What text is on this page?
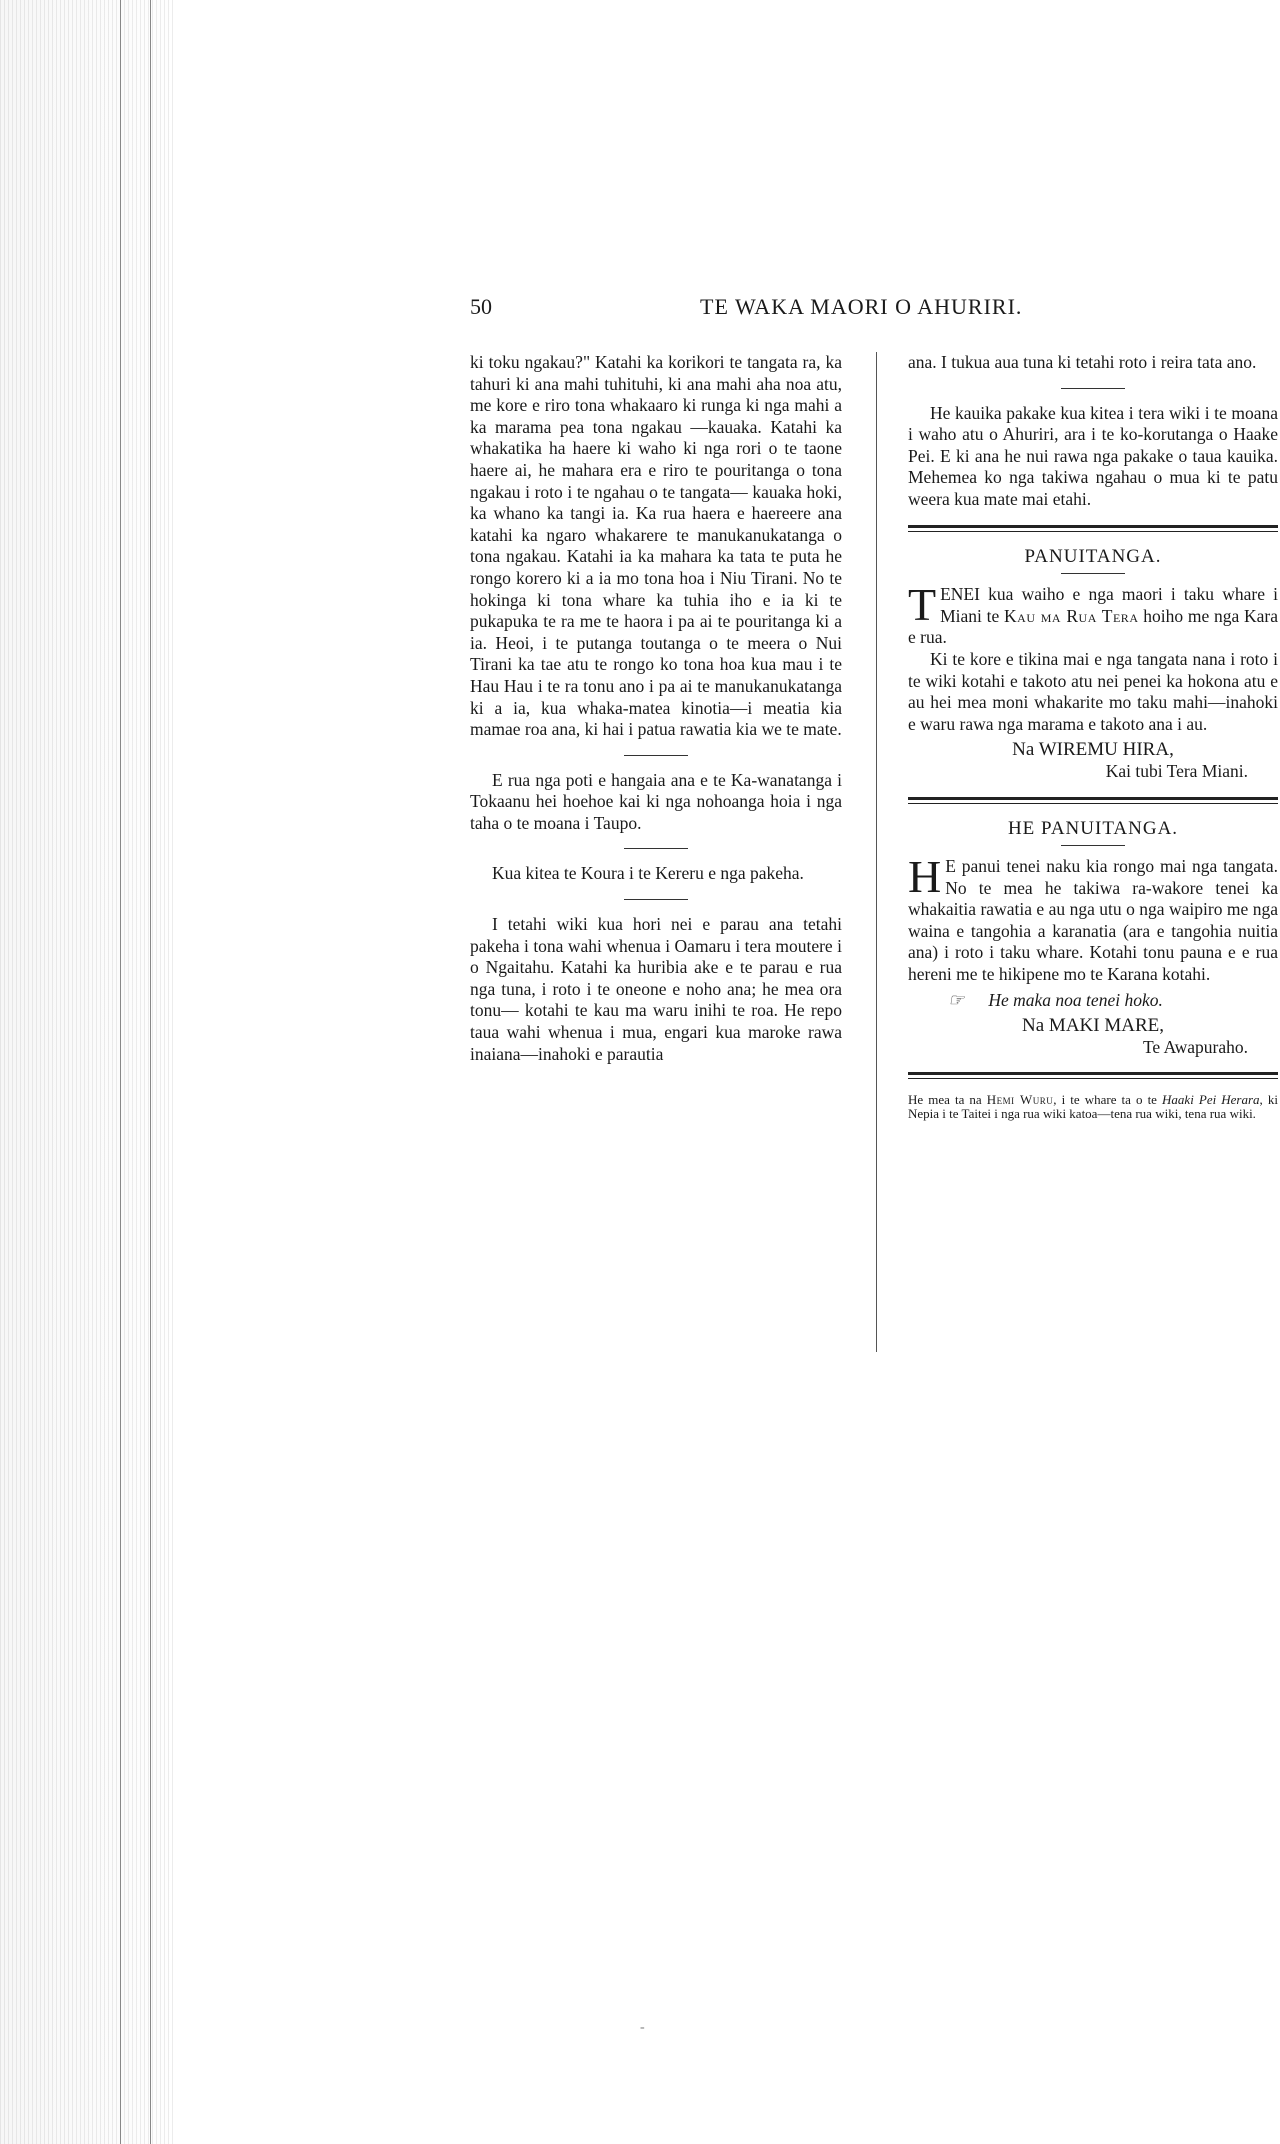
50	TE WAKA MAORI O AHURIRI.

ki toku ngakau?" Katahi ka korikori te tangata ra, ka tahuri ki ana mahi tuhituhi, ki ana mahi aha noa atu, me kore e riro tona whakaaro ki runga ki nga mahi a ka marama pea tona ngakau —kauaka. Katahi ka whakatika ha haere ki waho ki nga rori o te taone haere ai, he mahara era e riro te pouritanga o tona ngakau i roto i te ngahau o te tangata— kauaka hoki, ka whano ka tangi ia. Ka rua haera e haereere ana katahi ka ngaro whakarere te manukanukatanga o tona ngakau. Katahi ia ka mahara ka tata te puta he rongo korero ki a ia mo tona hoa i Niu Tirani. No te hokinga ki tona whare ka tuhia iho e ia ki te pukapuka te ra me te haora i pa ai te pouritanga ki a ia. Heoi, i te putanga toutanga o te meera o Nui Tirani ka tae atu te rongo ko tona hoa kua mau i te Hau Hau i te ra tonu ano i pa ai te manukanukatanga ki a ia, kua whaka-matea kinotia—i meatia kia mamae roa ana, ki hai i patua rawatia kia we te mate.

E rua nga poti e hangaia ana e te Ka-wanatanga i Tokaanu hei hoehoe kai ki nga nohoanga hoia i nga taha o te moana i Taupo.

Kua kitea te Koura i te Kereru e nga pakeha.

I tetahi wiki kua hori nei e parau ana tetahi pakeha i tona wahi whenua i Oamaru i tera moutere i o Ngaitahu. Katahi ka huribia ake e te parau e rua nga tuna, i roto i te oneone e noho ana; he mea ora tonu— kotahi te kau ma waru inihi te roa. He repo taua wahi whenua i mua, engari kua maroke rawa inaiana—inahoki e parautia

ana. I tukua aua tuna ki tetahi roto i reira tata ano.

He kauika pakake kua kitea i tera wiki i te moana i waho atu o Ahuriri, ara i te ko-korutanga o Haake Pei. E ki ana he nui rawa nga pakake o taua kauika. Mehemea ko nga takiwa ngahau o mua ki te patu weera kua mate mai etahi.

PANUITANGA.

TENEI kua waiho e nga maori i taku whare i Miani te Kau ma Rua Tera hoiho me nga Kara e rua.

Ki te kore e tikina mai e nga tangata nana i roto i te wiki kotahi e takoto atu nei penei ka hokona atu e au hei mea moni whakarite mo taku mahi—inahoki e waru rawa nga marama e takoto ana i au.

Na WIREMU HIRA,
Kai tubi Tera Miani.
HE PANUITANGA.

HE panui tenei naku kia rongo mai nga tangata. No te mea he takiwa ra-wakore tenei ka whakaitia rawatia e au nga utu o nga waipiro me nga waina e tangohia a karanatia (ara e tangohia nuitia ana) i roto i taku whare. Kotahi tonu pauna e e rua hereni me te hikipene mo te Karana kotahi.

☞ He maka noa tenei hoko.

Na MAKI MARE,
Te Awapuraho.

He mea ta na Hemi Wuru, i te whare ta o te Haaki Pei Herara, ki Nepia i te Taitei i nga rua wiki katoa—tena rua wiki, tena rua wiki.

-
